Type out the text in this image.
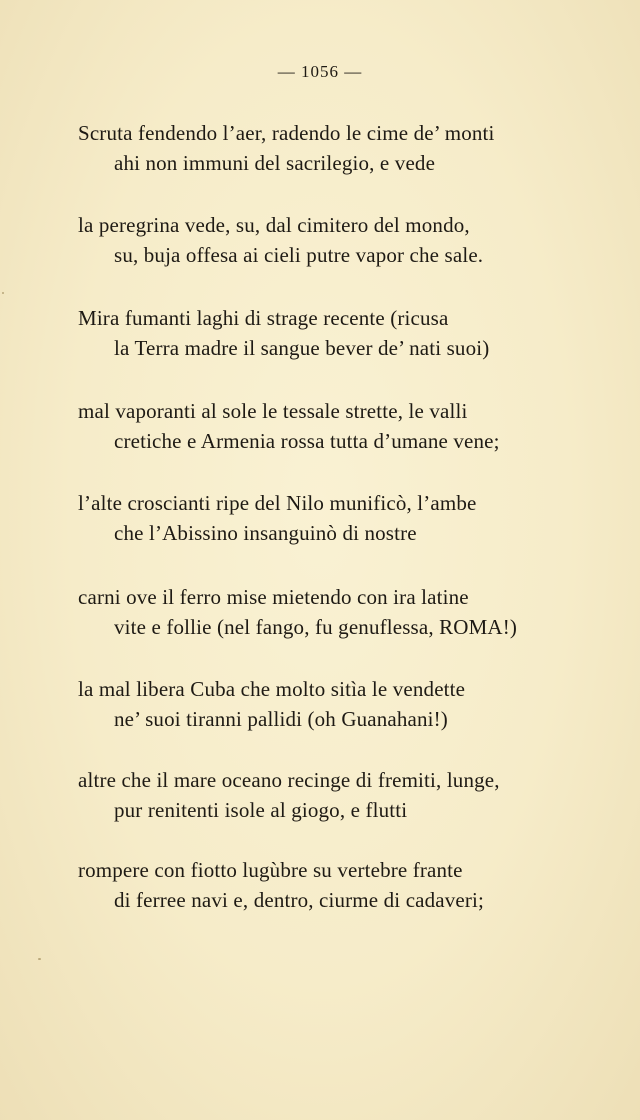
— 1056 —
Scruta fendendo l’aer, radendo le cime de’ monti
ahi non immuni del sacrilegio, e vede
la peregrina vede, su, dal cimitero del mondo,
su, buja offesa ai cieli putre vapor che sale.
Mira fumanti laghi di strage recente (ricusa
la Terra madre il sangue bever de’ nati suoi)
mal vaporanti al sole le tessale strette, le valli
cretiche e Armenia rossa tutta d’umane vene;
l’alte croscianti ripe del Nilo munificò, l’ambe
che l’Abissino insanguinò di nostre
carni ove il ferro mise mietendo con ira latine
vite e follie (nel fango, fu genuflessa, ROMA!)
la mal libera Cuba che molto sitìa le vendette
ne’ suoi tiranni pallidi (oh Guanahani!)
altre che il mare oceano recinge di fremiti, lunge,
pur renitenti isole al giogo, e flutti
rompere con fiotto lugùbre su vertebre frante
di ferree navi e, dentro, ciurme di cadaveri;
